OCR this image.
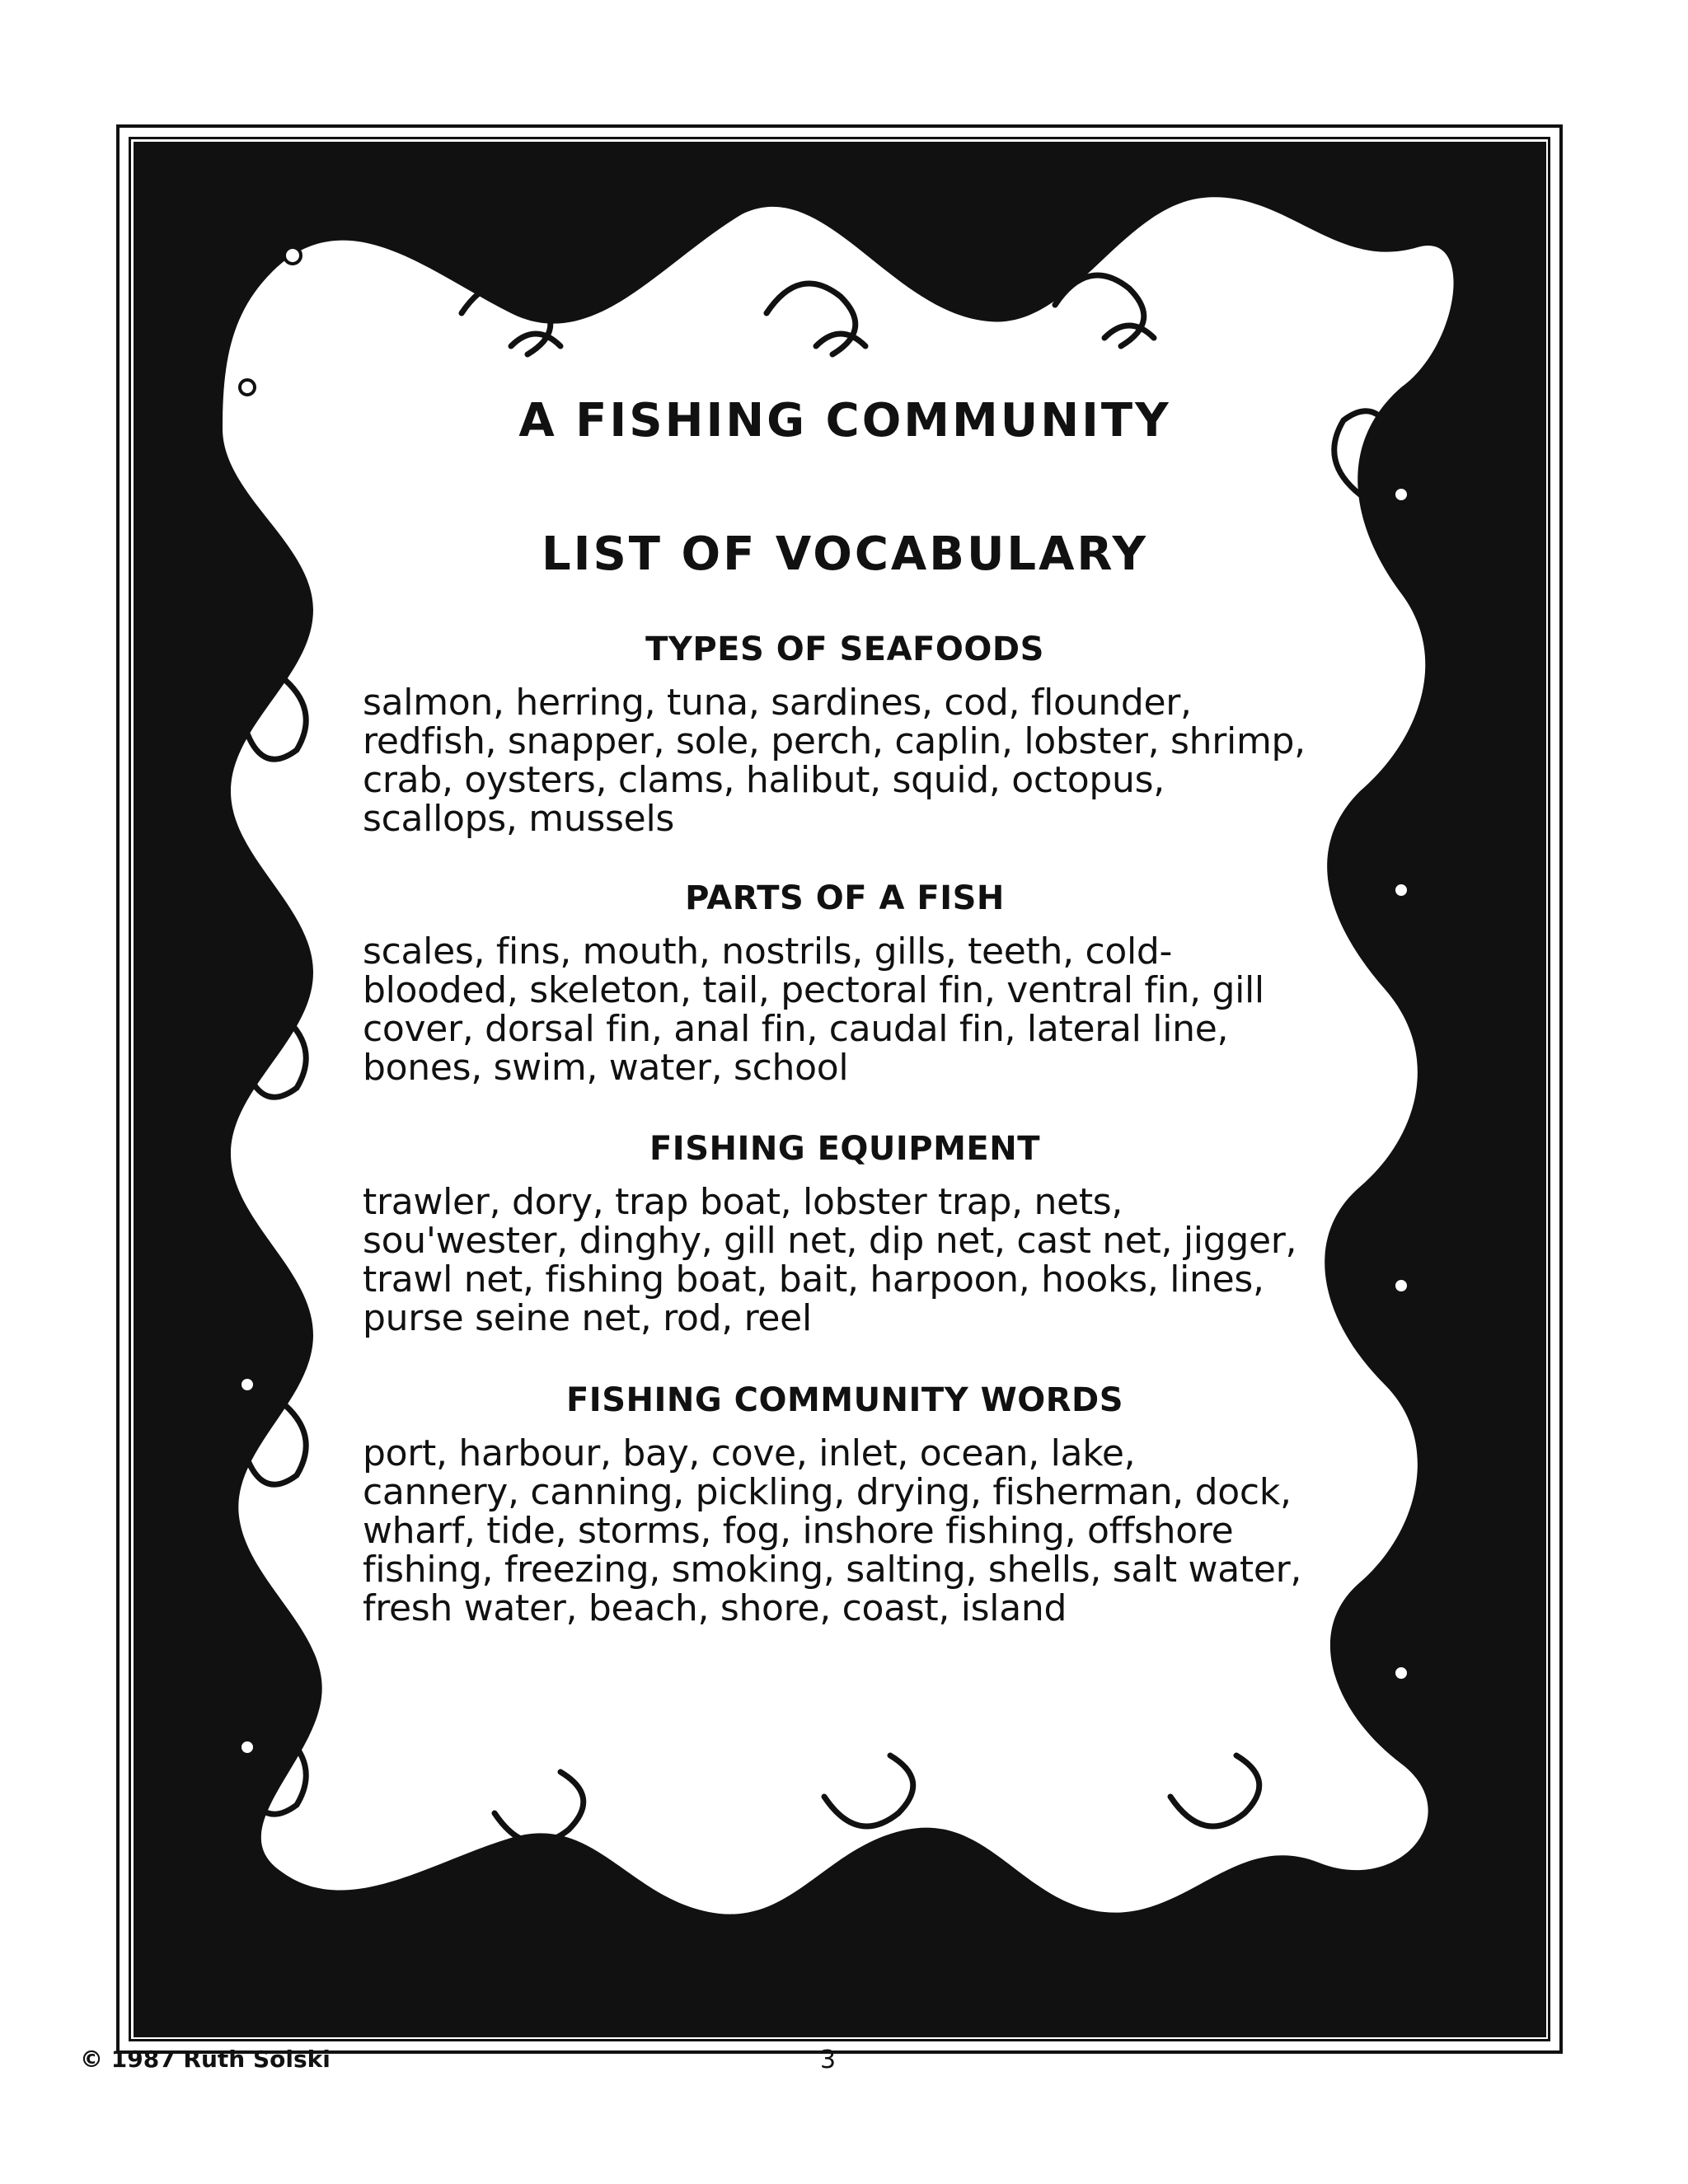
A FISHING COMMUNITY
LIST OF VOCABULARY
TYPES OF SEAFOODS

salmon, herring, tuna, sardines, cod, flounder,
redfish, snapper, sole, perch, caplin, lobster, shrimp,
crab, oysters, clams, halibut, squid, octopus,
scallops, mussels

PARTS OF A FISH

scales, fins, mouth, nostrils, gills, teeth, cold-
blooded, skeleton, tail, pectoral fin, ventral fin, gill
cover, dorsal fin, anal fin, caudal fin, lateral line,
bones, swim, water, school

FISHING EQUIPMENT

trawler, dory, trap boat, lobster trap, nets,
sou'wester, dinghy, gill net, dip net, cast net, jigger,
trawl net, fishing boat, bait, harpoon, hooks, lines,
purse seine net, rod, reel

FISHING COMMUNITY WORDS

port, harbour, bay, cove, inlet, ocean, lake,
cannery, canning, pickling, drying, fisherman, dock,
wharf, tide, storms, fog, inshore fishing, offshore
fishing, freezing, smoking, salting, shells, salt water,
fresh water, beach, shore, coast, island

© 1987 Ruth Solski	3
